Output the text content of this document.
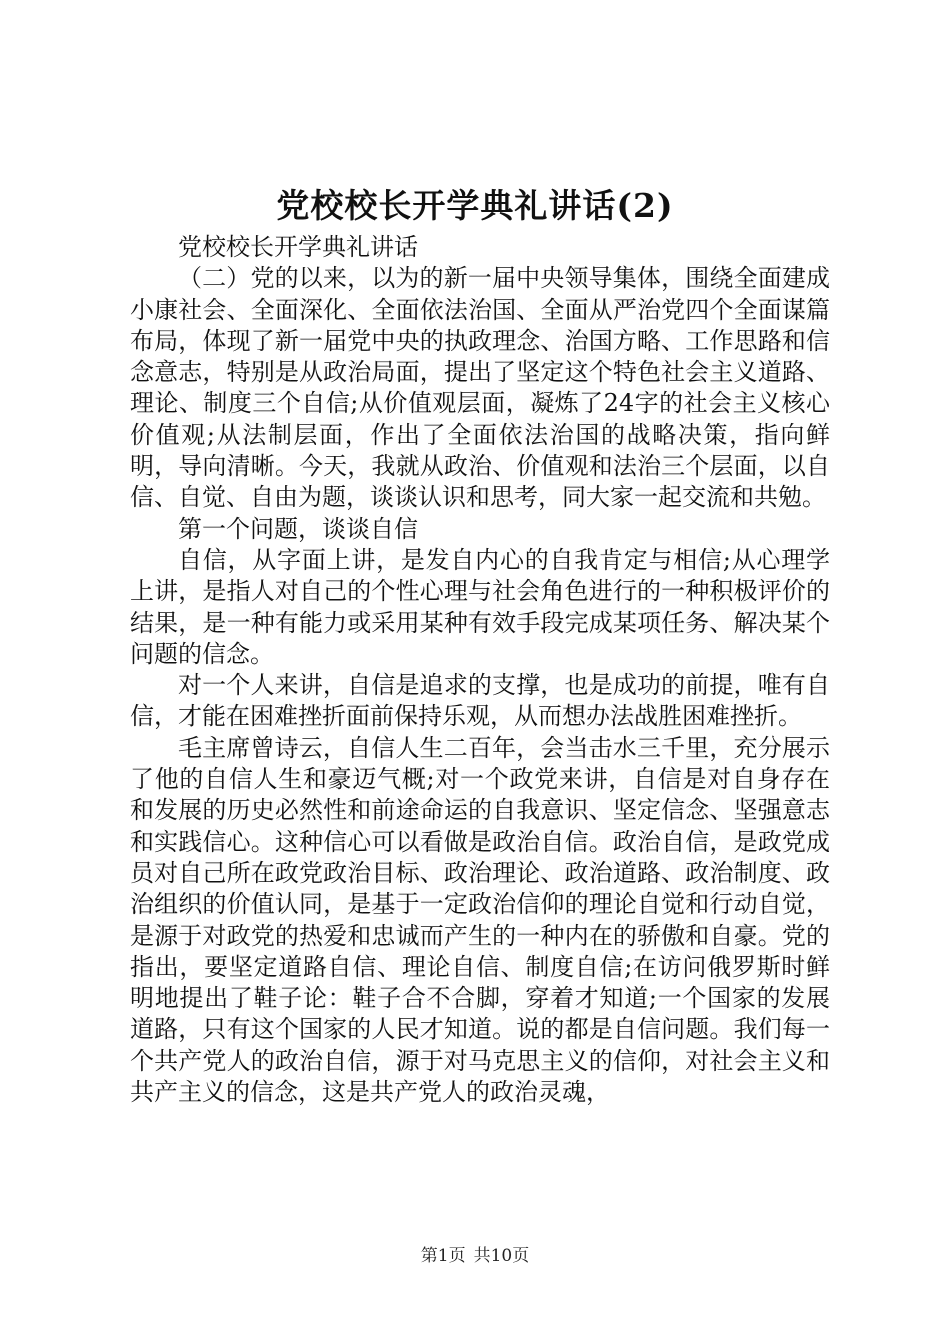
党校校长开学典礼讲话(2)

党校校长开学典礼讲话

（二）党的以来，以为的新一届中央领导集体，围绕全面建成小康社会、全面深化、全面依法治国、全面从严治党四个全面谋篇布局，体现了新一届党中央的执政理念、治国方略、工作思路和信念意志，特别是从政治局面，提出了坚定这个特色社会主义道路、理论、制度三个自信;从价值观层面，凝炼了24字的社会主义核心价值观;从法制层面，作出了全面依法治国的战略决策，指向鲜明，导向清晰。今天，我就从政治、价值观和法治三个层面，以自信、自觉、自由为题，谈谈认识和思考，同大家一起交流和共勉。

第一个问题，谈谈自信

自信，从字面上讲，是发自内心的自我肯定与相信;从心理学上讲，是指人对自己的个性心理与社会角色进行的一种积极评价的结果，是一种有能力或采用某种有效手段完成某项任务、解决某个问题的信念。

对一个人来讲，自信是追求的支撑，也是成功的前提，唯有自信，才能在困难挫折面前保持乐观，从而想办法战胜困难挫折。

毛主席曾诗云，自信人生二百年，会当击水三千里，充分展示了他的自信人生和豪迈气概;对一个政党来讲，自信是对自身存在和发展的历史必然性和前途命运的自我意识、坚定信念、坚强意志和实践信心。这种信心可以看做是政治自信。政治自信，是政党成员对自己所在政党政治目标、政治理论、政治道路、政治制度、政治组织的价值认同，是基于一定政治信仰的理论自觉和行动自觉，是源于对政党的热爱和忠诚而产生的一种内在的骄傲和自豪。党的指出，要坚定道路自信、理论自信、制度自信;在访问俄罗斯时鲜明地提出了鞋子论：鞋子合不合脚，穿着才知道;一个国家的发展道路，只有这个国家的人民才知道。说的都是自信问题。我们每一个共产党人的政治自信，源于对马克思主义的信仰，对社会主义和共产主义的信念，这是共产党人的政治灵魂，

第1页 共10页
